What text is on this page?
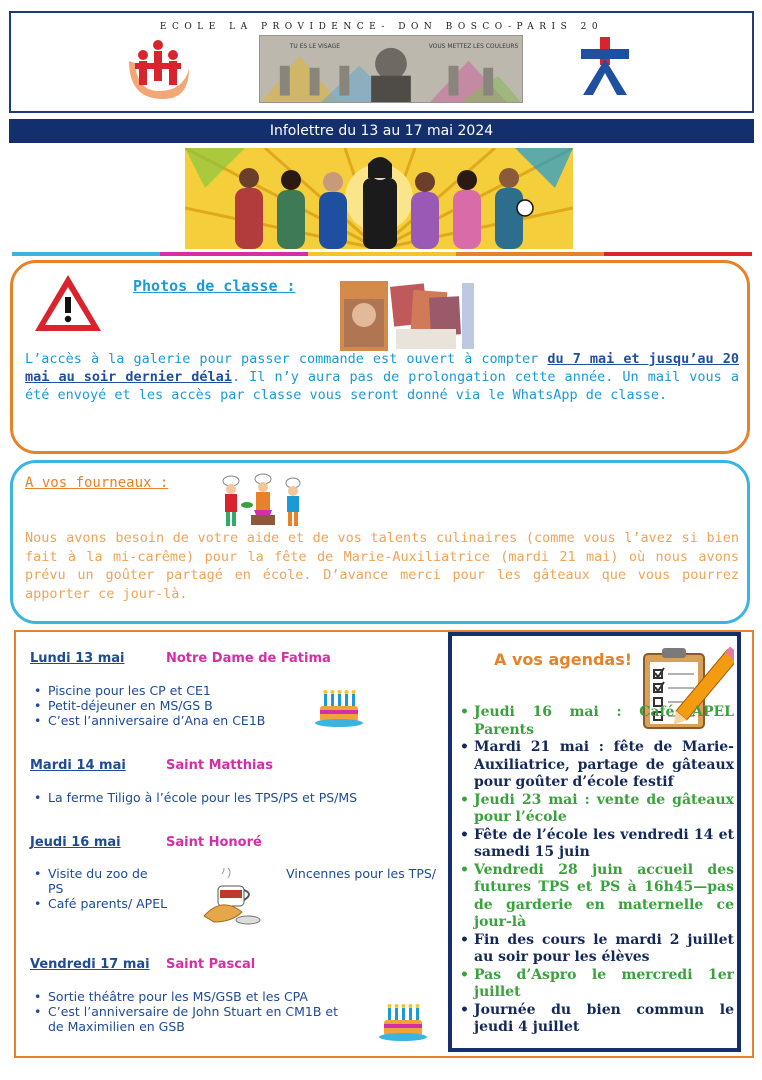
ECOLE LA PROVIDENCE- DON BOSCO-PARIS 20
TU ES LE VISAGE	VOUS METTEZ LES COULEURS
Infolettre du 13 au 17 mai 2024
Photos de classe :
L’accès à la galerie pour passer commande est ouvert à compter du 7 mai et jusqu’au 20 mai au soir dernier délai. Il n’y aura pas de prolongation cette année. Un mail vous a été envoyé et les accès par classe vous seront donné via le WhatsApp de classe.
A vos fourneaux :
Nous avons besoin de votre aide et de vos talents culinaires (comme vous l’avez si bien fait à la mi-carême) pour la fête de Marie-Auxiliatrice (mardi 21 mai) où nous avons prévu un goûter partagé en école. D’avance merci pour les gâteaux que vous pourrez apporter ce jour-là.
Lundi 13 mai	Notre Dame de Fatima
• Piscine pour les CP et CE1
• Petit-déjeuner en MS/GS B
• C’est l’anniversaire d’Ana en CE1B
Mardi 14 mai	Saint Matthias
• La ferme Tiligo à l’école pour les TPS/PS et PS/MS
Jeudi 16 mai	Saint Honoré
• Visite du zoo de	Vincennes pour les TPS/
PS
• Café parents/ APEL
Vendredi 17 mai Saint Pascal
• Sortie théâtre pour les MS/GSB et les CPA
• C’est l’anniversaire de John Stuart en CM1B et de Maximilien en GSB
A vos agendas!
• Jeudi 16 mai : Café APEL Parents
• Mardi 21 mai : fête de Marie-Auxiliatrice, partage de gâteaux pour goûter d’école festif
• Jeudi 23 mai : vente de gâteaux pour l’école
• Fête de l’école les vendredi 14 et samedi 15 juin
• Vendredi 28 juin accueil des futures TPS et PS à 16h45—pas de garderie en maternelle ce jour-là
• Fin des cours le mardi 2 juillet au soir pour les élèves
• Pas d’Aspro le mercredi 1er juillet
• Journée du bien commun le jeudi 4 juillet
